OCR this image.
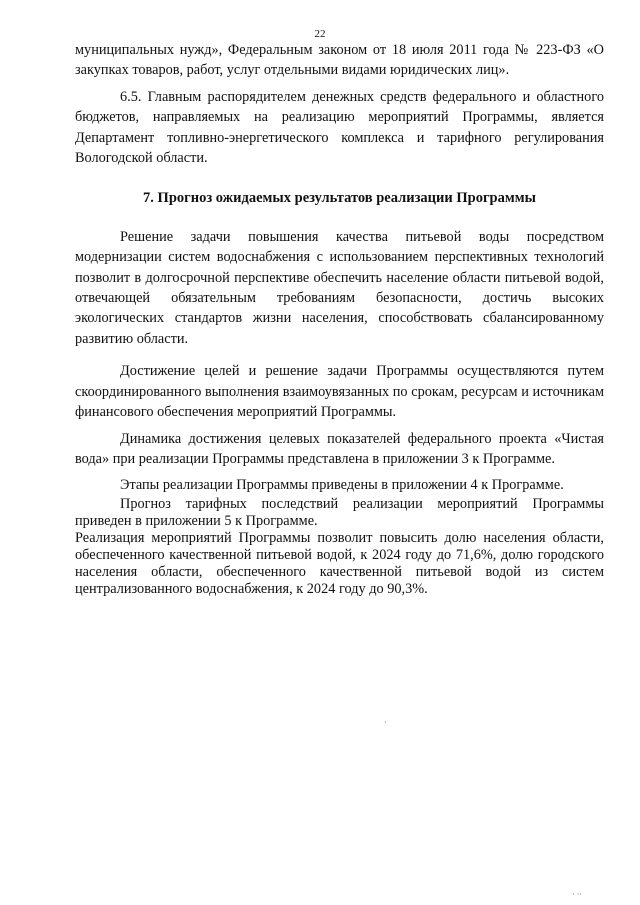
22

муниципальных нужд», Федеральным законом от 18 июля 2011 года № 223-ФЗ «О закупках товаров, работ, услуг отдельными видами юридических лиц».

6.5. Главным распорядителем денежных средств федерального и областного бюджетов, направляемых на реализацию мероприятий Программы, является Департамент топливно-энергетического комплекса и тарифного регулирования Вологодской области.

7. Прогноз ожидаемых результатов реализации Программы

Решение задачи повышения качества питьевой воды посредством модернизации систем водоснабжения с использованием перспективных технологий позволит в долгосрочной перспективе обеспечить население области питьевой водой, отвечающей обязательным требованиям безопасности, достичь высоких экологических стандартов жизни населения, способствовать сбалансированному развитию области.

Достижение целей и решение задачи Программы осуществляются путем скоординированного выполнения взаимоувязанных по срокам, ресурсам и источникам финансового обеспечения мероприятий Программы.

Динамика достижения целевых показателей федерального проекта «Чистая вода» при реализации Программы представлена в приложении 3 к Программе.

Этапы реализации Программы приведены в приложении 4 к Программе.

Прогноз тарифных последствий реализации мероприятий Программы приведен в приложении 5 к Программе.

Реализация мероприятий Программы позволит повысить долю населения области, обеспеченного качественной питьевой водой, к 2024 году до 71,6%, долю городского населения области, обеспеченного качественной питьевой водой из систем централизованного водоснабжения, к 2024 году до 90,3%.

·
· ··
